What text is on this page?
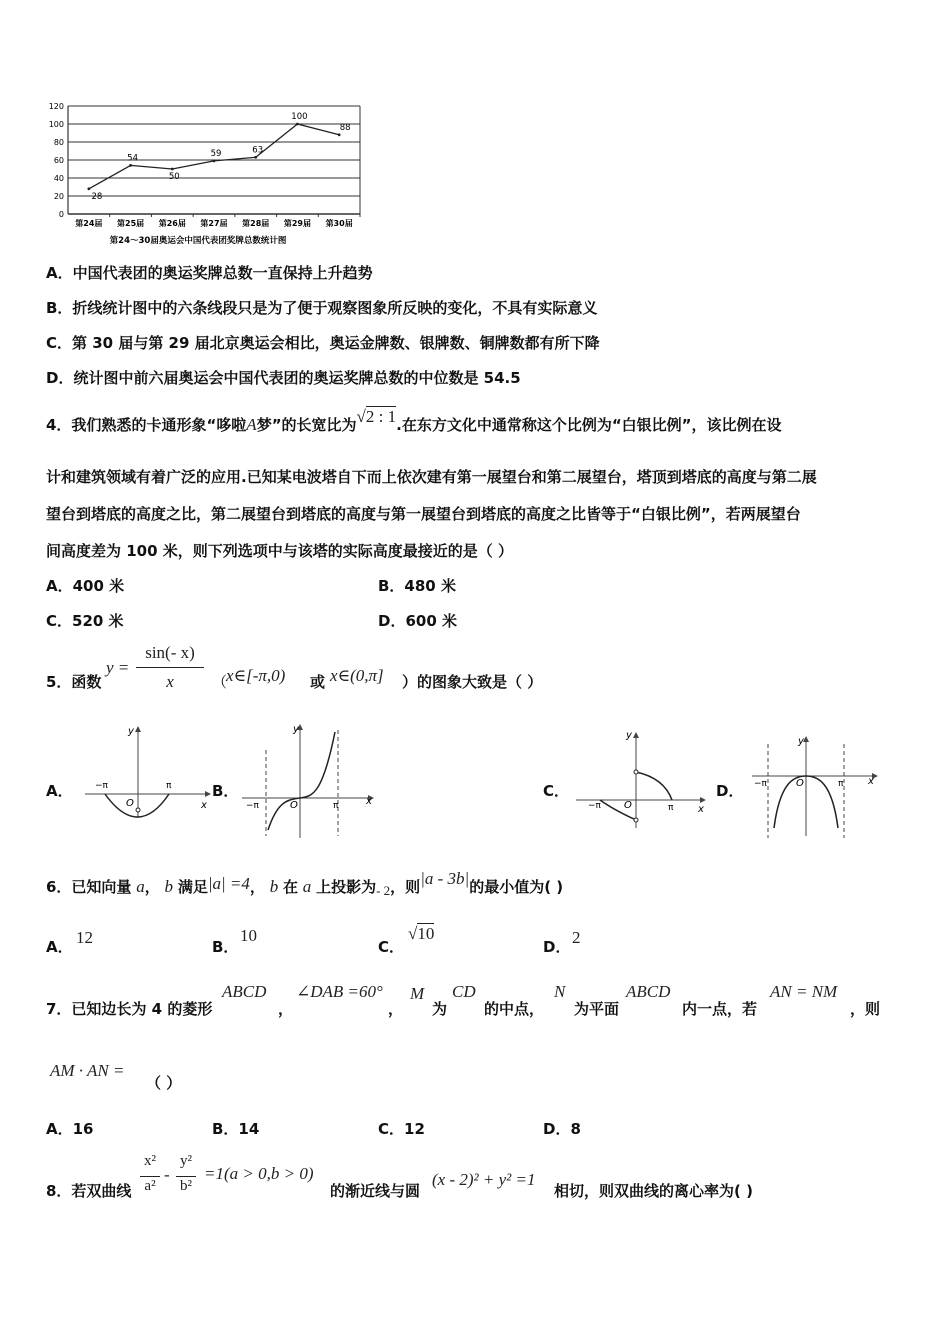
0
20
40
60
80
100
120
第24届 第25届 第26届 第27届 第28届 第29届 第30届
28
54
50
59	63
100
88
第24～30届奥运会中国代表团奖牌总数统计图
A．中国代表团的奥运奖牌总数一直保持上升趋势
B．折线统计图中的六条线段只是为了便于观察图象所反映的变化，不具有实际意义
C．第 30 届与第 29 届北京奥运会相比，奥运金牌数、银牌数、铜牌数都有所下降
D．统计图中前六届奥运会中国代表团的奥运奖牌总数的中位数是 54.5
4．我们熟悉的卡通形象“哆啦A梦”的长宽比为√2 : 1.在东方文化中通常称这个比例为“白银比例”，该比例在设
计和建筑领域有着广泛的应用.已知某电波塔自下而上依次建有第一展望台和第二展望台，塔顶到塔底的高度与第二展
望台到塔底的高度之比，第二展望台到塔底的高度与第一展望台到塔底的高度之比皆等于“白银比例”，若两展望台
间高度差为 100 米，则下列选项中与该塔的实际高度最接近的是（ ）
A．400 米	B．480 米
C．520 米	D．600 米
5．函数
y =
sin(- x)
x	（
x∈[-π,0) 或 x∈(0,π] ）的图象大致是（ ）
A．	B．	C．	D．
−π	π
O	x
y
−π	π
O	x
y
−π	π
O	x
y
−π	π
O	x
y
6．已知向量 a， b 满足|a| =4， b 在 a 上投影为- 2，则|a - 3b|的最小值为( )
A． 12	B．
10
C．
√10
D． 2
7．已知边长为 4 的菱形
ABCD
，
∠DAB =60°
，
M
为
CD
的中点，
N
为平面
ABCD
内一点，若
AN = NM
，则
AM · AN =
（ ）
A．16	B．14	C．12	D．8
8．若双曲线
x²
a²
-
y²
b²
=1(a > 0,b > 0)
的渐近线与圆
(x - 2)² + y² =1
相切，则双曲线的离心率为( )
